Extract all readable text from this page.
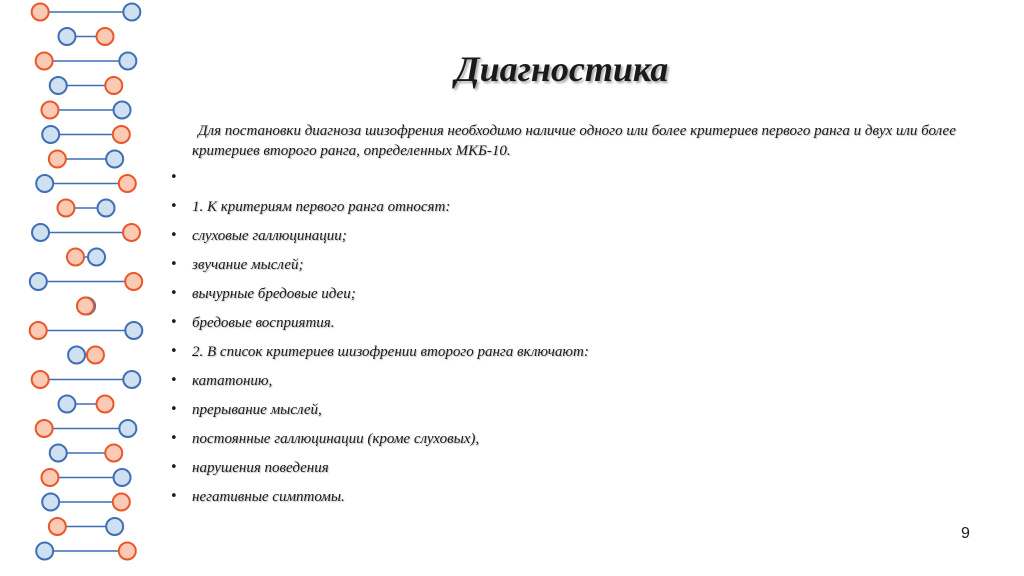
Диагностика
Для постановки диагноза шизофрения необходимо наличие одного или более критериев первого ранга и двух или более критериев второго ранга, определенных МКБ-10.
•
• 1. К критериям первого ранга относят:
• слуховые галлюцинации;
• звучание мыслей;
• вычурные бредовые идеи;
• бредовые восприятия.
• 2. В список критериев шизофрении второго ранга включают:
• кататонию,
• прерывание мыслей,
• постоянные галлюцинации (кроме слуховых),
• нарушения поведения
• негативные симптомы.
9
